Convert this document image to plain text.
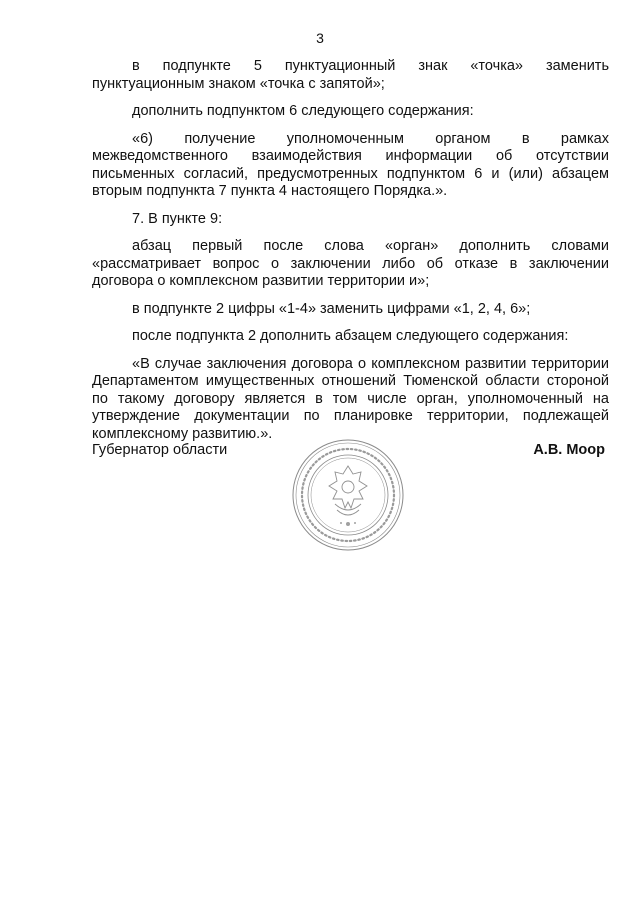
3

в подпункте 5 пунктуационный знак «точка» заменить пунктуационным знаком «точка с запятой»;

дополнить подпунктом 6 следующего содержания:

«6) получение уполномоченным органом в рамках межведомственного взаимодействия информации об отсутствии письменных согласий, предусмотренных подпунктом 6 и (или) абзацем вторым подпункта 7 пункта 4 настоящего Порядка.».

7. В пункте 9:

абзац первый после слова «орган» дополнить словами «рассматривает вопрос о заключении либо об отказе в заключении договора о комплексном развитии территории и»;

в подпункте 2 цифры «1-4» заменить цифрами «1, 2, 4, 6»;

после подпункта 2 дополнить абзацем следующего содержания:

«В случае заключения договора о комплексном развитии территории Департаментом имущественных отношений Тюменской области стороной по такому договору является в том числе орган, уполномоченный на утверждение документации по планировке территории, подлежащей комплексному развитию.».

Губернатор области	А.В. Моор
